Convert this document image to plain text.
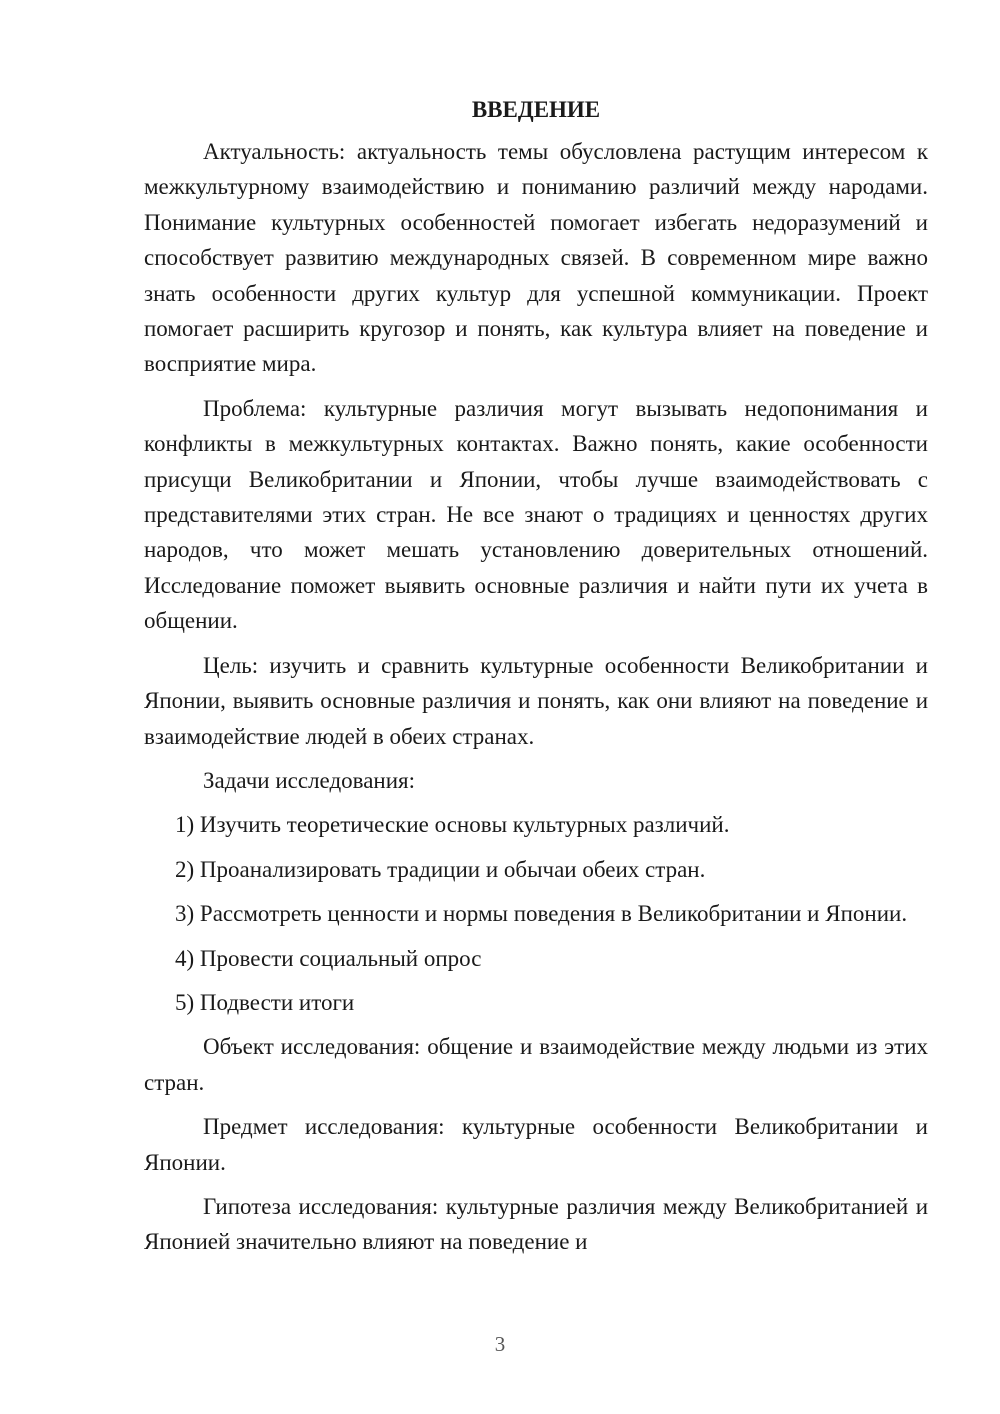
ВВЕДЕНИЕ

Актуальность: актуальность темы обусловлена растущим интересом к межкультурному взаимодействию и пониманию различий между народами. Понимание культурных особенностей помогает избегать недоразумений и способствует развитию международных связей. В современном мире важно знать особенности других культур для успешной коммуникации. Проект помогает расширить кругозор и понять, как культура влияет на поведение и восприятие мира.

Проблема: культурные различия могут вызывать недопонимания и конфликты в межкультурных контактах. Важно понять, какие особенности присущи Великобритании и Японии, чтобы лучше взаимодействовать с представителями этих стран. Не все знают о традициях и ценностях других народов, что может мешать установлению доверительных отношений. Исследование поможет выявить основные различия и найти пути их учета в общении.

Цель: изучить и сравнить культурные особенности Великобритании и Японии, выявить основные различия и понять, как они влияют на поведение и взаимодействие людей в обеих странах.

Задачи исследования:

1) Изучить теоретические основы культурных различий.

2) Проанализировать традиции и обычаи обеих стран.

3) Рассмотреть ценности и нормы поведения в Великобритании и Японии.

4) Провести социальный опрос

5) Подвести итоги

Объект исследования: общение и взаимодействие между людьми из этих стран.

Предмет исследования: культурные особенности Великобритании и Японии.

Гипотеза исследования: культурные различия между Великобританией и Японией значительно влияют на поведение и

3
